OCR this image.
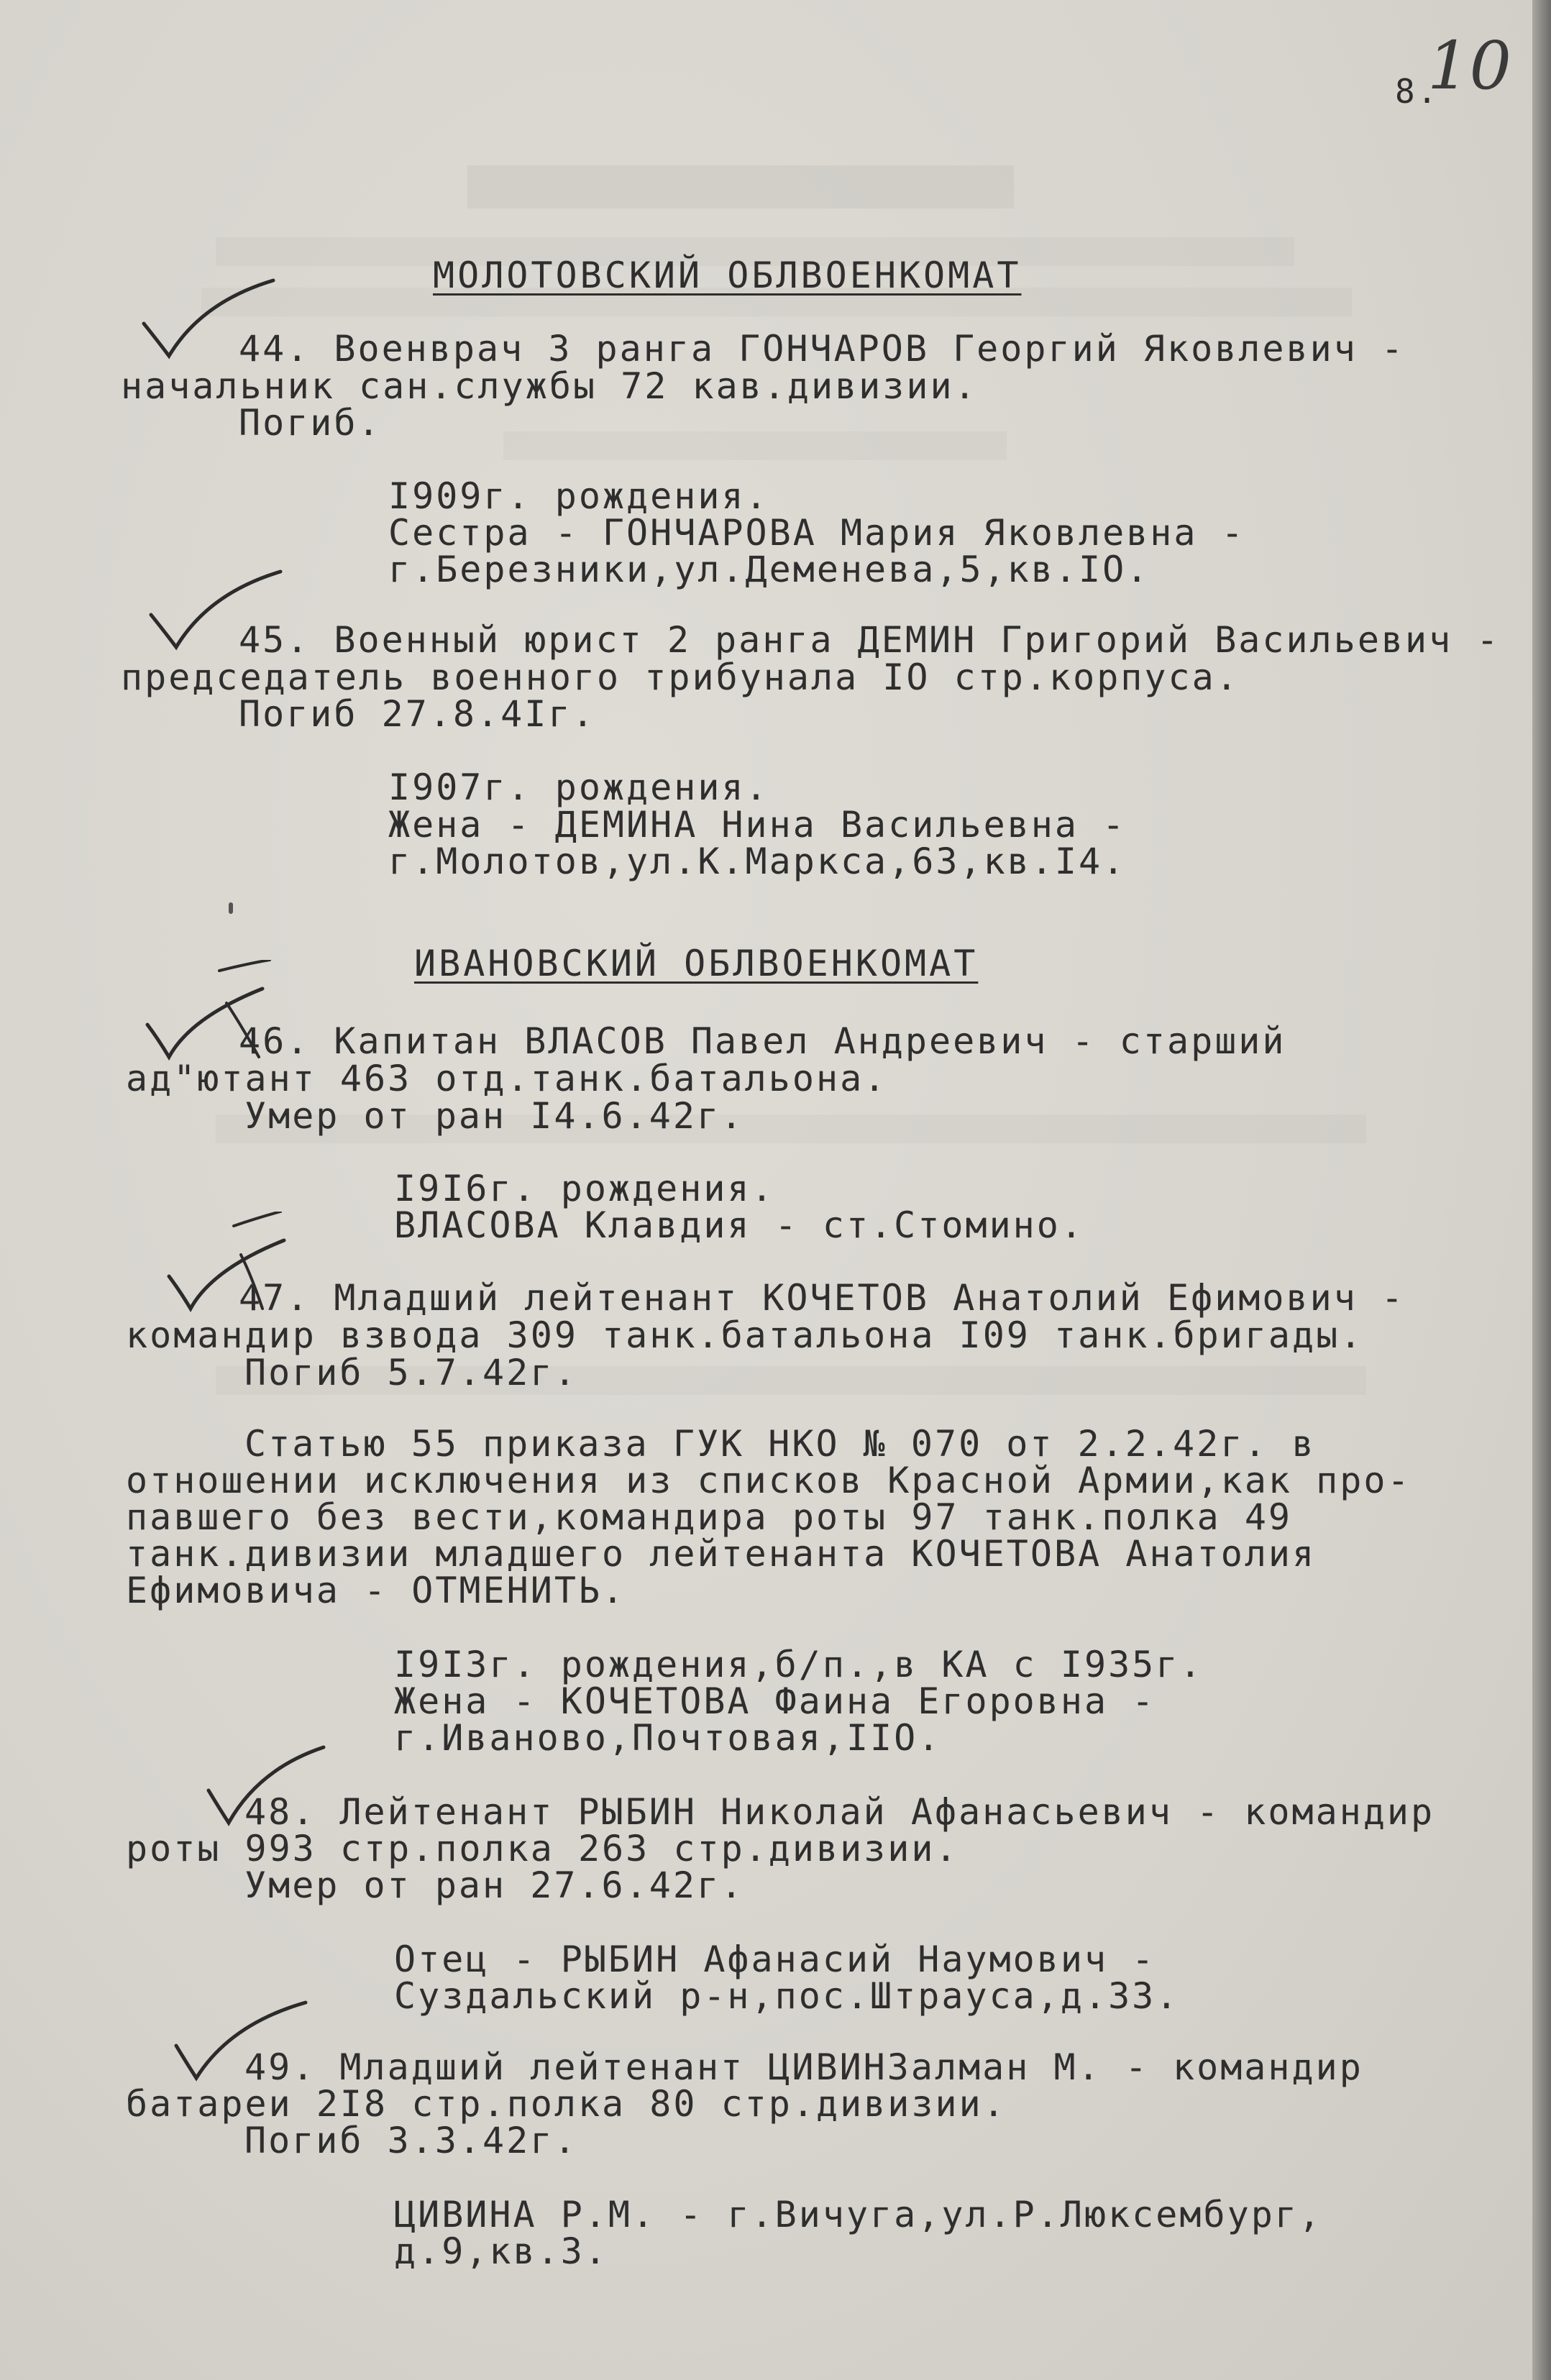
8.
10
МОЛОТОВСКИЙ ОБЛВОЕНКОМАТ
44. Военврач 3 ранга ГОНЧАРОВ Георгий Яковлевич -
начальник сан.службы 72 кав.дивизии.
Погиб.
I909г. рождения.
Сестра - ГОНЧАРОВА Мария Яковлевна -
г.Березники,ул.Деменева,5,кв.IО.
45. Военный юрист 2 ранга ДЕМИН Григорий Васильевич -
председатель военного трибунала IО стр.корпуса.
Погиб 27.8.4Iг.
I907г. рождения.
Жена - ДЕМИНА Нина Васильевна -
г.Молотов,ул.К.Маркса,63,кв.I4.
ИВАНОВСКИЙ ОБЛВОЕНКОМАТ
46. Капитан ВЛАСОВ Павел Андреевич - старший
ад"ютант 463 отд.танк.батальона.
Умер от ран I4.6.42г.
I9I6г. рождения.
ВЛАСОВА Клавдия - ст.Стомино.
47. Младший лейтенант КОЧЕТОВ Анатолий Ефимович -
командир взвода 309 танк.батальона I09 танк.бригады.
Погиб 5.7.42г.
Статью 55 приказа ГУК НКО № 070 от 2.2.42г. в
отношении исключения из списков Красной Армии,как про-
павшего без вести,командира роты 97 танк.полка 49
танк.дивизии младшего лейтенанта КОЧЕТОВА Анатолия
Ефимовича - ОТМЕНИТЬ.
I9I3г. рождения,б/п.,в КА с I935г.
Жена - КОЧЕТОВА Фаина Егоровна -
г.Иваново,Почтовая,IIО.
48. Лейтенант РЫБИН Николай Афанасьевич - командир
роты 993 стр.полка 263 стр.дивизии.
Умер от ран 27.6.42г.
Отец - РЫБИН Афанасий Наумович -
Суздальский р-н,пос.Штрауса,д.33.
49. Младший лейтенант ЦИВИНЗалман М. - командир
батареи 2I8 стр.полка 80 стр.дивизии.
Погиб 3.3.42г.
ЦИВИНА Р.М. - г.Вичуга,ул.Р.Люксембург,
д.9,кв.3.
